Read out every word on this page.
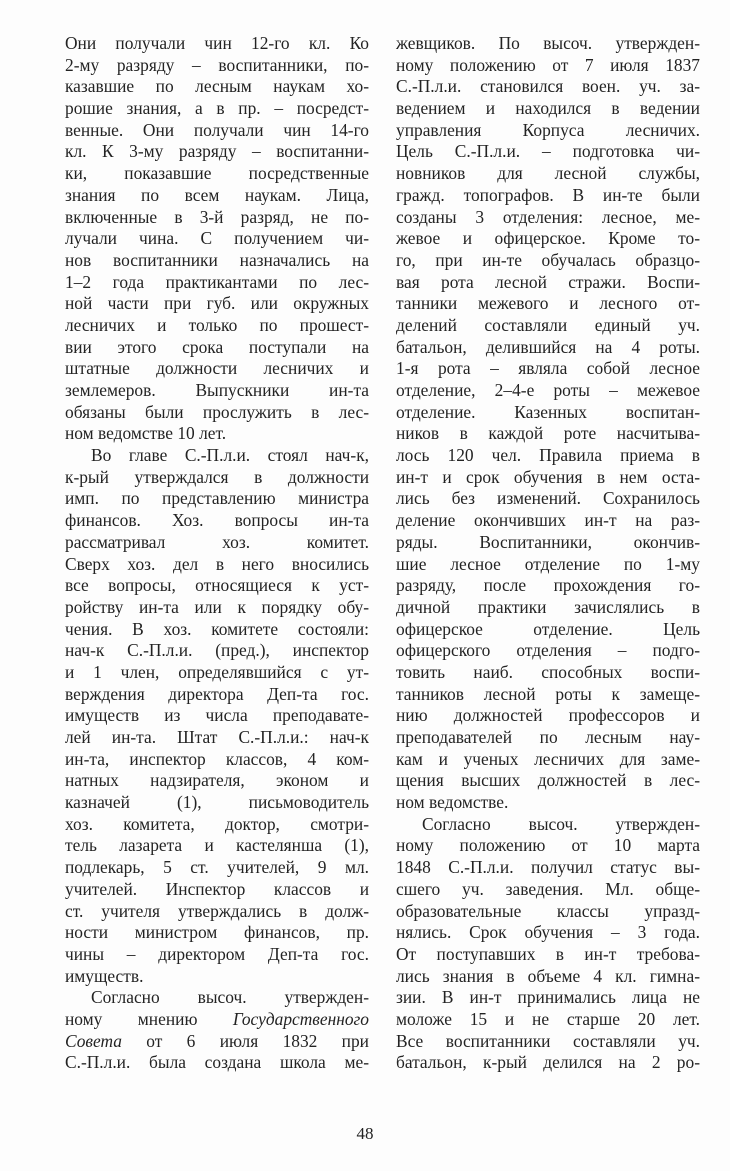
Они получали чин 12-го кл. Ко
2-му разряду – воспитанники, по-
казавшие по лесным наукам хо-
рошие знания, а в пр. – посредст-
венные. Они получали чин 14-го
кл. К 3-му разряду – воспитанни-
ки, показавшие посредственные
знания по всем наукам. Лица,
включенные в 3-й разряд, не по-
лучали чина. С получением чи-
нов воспитанники назначались на
1–2 года практикантами по лес-
ной части при губ. или окружных
лесничих и только по прошест-
вии этого срока поступали на
штатные должности лесничих и
землемеров. Выпускники ин-та
обязаны были прослужить в лес-
ном ведомстве 10 лет.
Во главе С.-П.л.и. стоял нач-к,
к-рый утверждался в должности
имп. по представлению министра
финансов. Хоз. вопросы ин-та
рассматривал хоз. комитет.
Сверх хоз. дел в него вносились
все вопросы, относящиеся к уст-
ройству ин-та или к порядку обу-
чения. В хоз. комитете состояли:
нач-к С.-П.л.и. (пред.), инспектор
и 1 член, определявшийся с ут-
верждения директора Деп-та гос.
имуществ из числа преподавате-
лей ин-та. Штат С.-П.л.и.: нач-к
ин-та, инспектор классов, 4 ком-
натных надзирателя, эконом и
казначей (1), письмоводитель
хоз. комитета, доктор, смотри-
тель лазарета и кастелянша (1),
подлекарь, 5 ст. учителей, 9 мл.
учителей. Инспектор классов и
ст. учителя утверждались в долж-
ности министром финансов, пр.
чины – директором Деп-та гос.
имуществ.
Согласно высоч. утвержден-
ному мнению Государственного
Совета от 6 июля 1832 при
С.-П.л.и. была создана школа ме-
жевщиков. По высоч. утвержден-
ному положению от 7 июля 1837
С.-П.л.и. становился воен. уч. за-
ведением и находился в ведении
управления Корпуса лесничих.
Цель С.-П.л.и. – подготовка чи-
новников для лесной службы,
гражд. топографов. В ин-те были
созданы 3 отделения: лесное, ме-
жевое и офицерское. Кроме то-
го, при ин-те обучалась образцо-
вая рота лесной стражи. Воспи-
танники межевого и лесного от-
делений составляли единый уч.
батальон, делившийся на 4 роты.
1-я рота – являла собой лесное
отделение, 2–4-е роты – межевое
отделение. Казенных воспитан-
ников в каждой роте насчитыва-
лось 120 чел. Правила приема в
ин-т и срок обучения в нем оста-
лись без изменений. Сохранилось
деление окончивших ин-т на раз-
ряды. Воспитанники, окончив-
шие лесное отделение по 1-му
разряду, после прохождения го-
дичной практики зачислялись в
офицерское отделение. Цель
офицерского отделения – подго-
товить наиб. способных воспи-
танников лесной роты к замеще-
нию должностей профессоров и
преподавателей по лесным нау-
кам и ученых лесничих для заме-
щения высших должностей в лес-
ном ведомстве.
Согласно высоч. утвержден-
ному положению от 10 марта
1848 С.-П.л.и. получил статус вы-
сшего уч. заведения. Мл. обще-
образовательные классы упразд-
нялись. Срок обучения – 3 года.
От поступавших в ин-т требова-
лись знания в объеме 4 кл. гимна-
зии. В ин-т принимались лица не
моложе 15 и не старше 20 лет.
Все воспитанники составляли уч.
батальон, к-рый делился на 2 ро-
48
